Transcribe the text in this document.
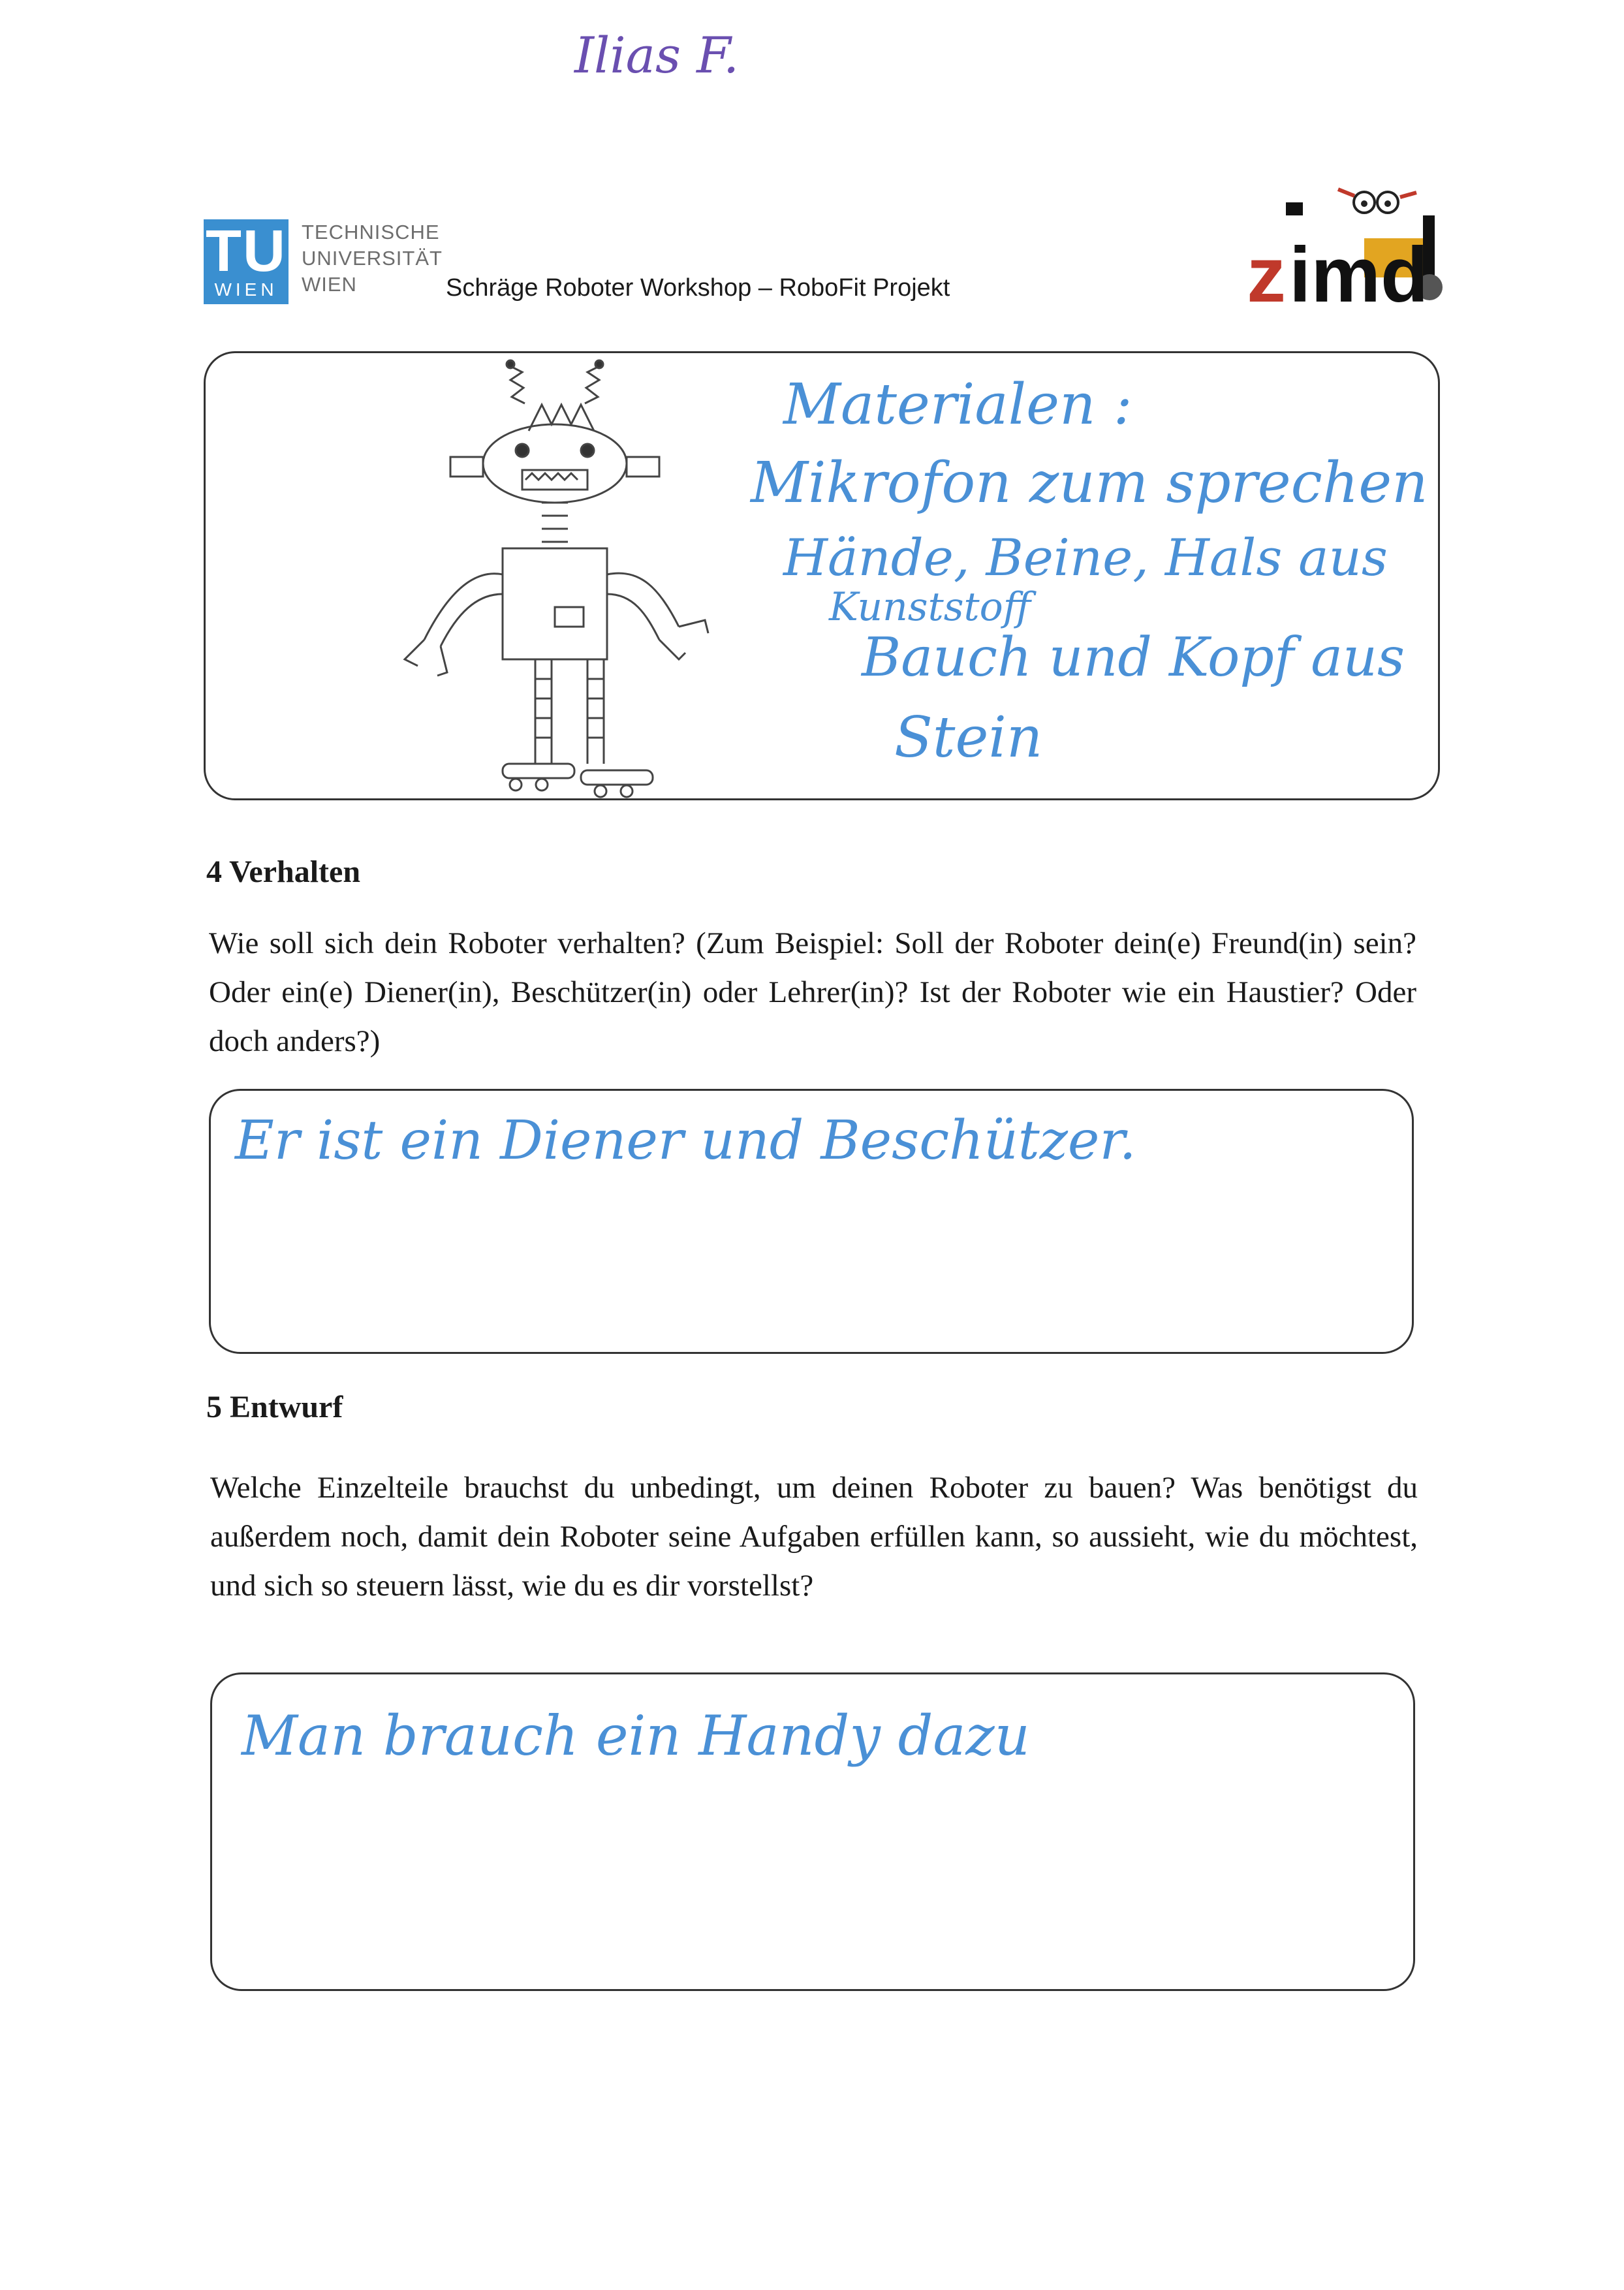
Ilias F.
TU
WIEN
TECHNISCHE
UNIVERSITÄT
WIEN	Schräge Roboter Workshop – RoboFit Projekt	z imd
Materialen :
Mikrofon zum sprechen
Hände, Beine, Hals aus
Kunststoff
Bauch und Kopf aus
Stein
4 Verhalten
Wie soll sich dein Roboter verhalten? (Zum Beispiel: Soll der Roboter dein(e) Freund(in) sein? Oder ein(e) Diener(in), Beschützer(in) oder Lehrer(in)? Ist der Roboter wie ein Haustier? Oder doch anders?)
Er ist ein Diener und Beschützer.
5 Entwurf
Welche Einzelteile brauchst du unbedingt, um deinen Roboter zu bauen? Was benötigst du außerdem noch, damit dein Roboter seine Aufgaben erfüllen kann, so aussieht, wie du möchtest, und sich so steuern lässt, wie du es dir vorstellst?
Man brauch ein Handy dazu
